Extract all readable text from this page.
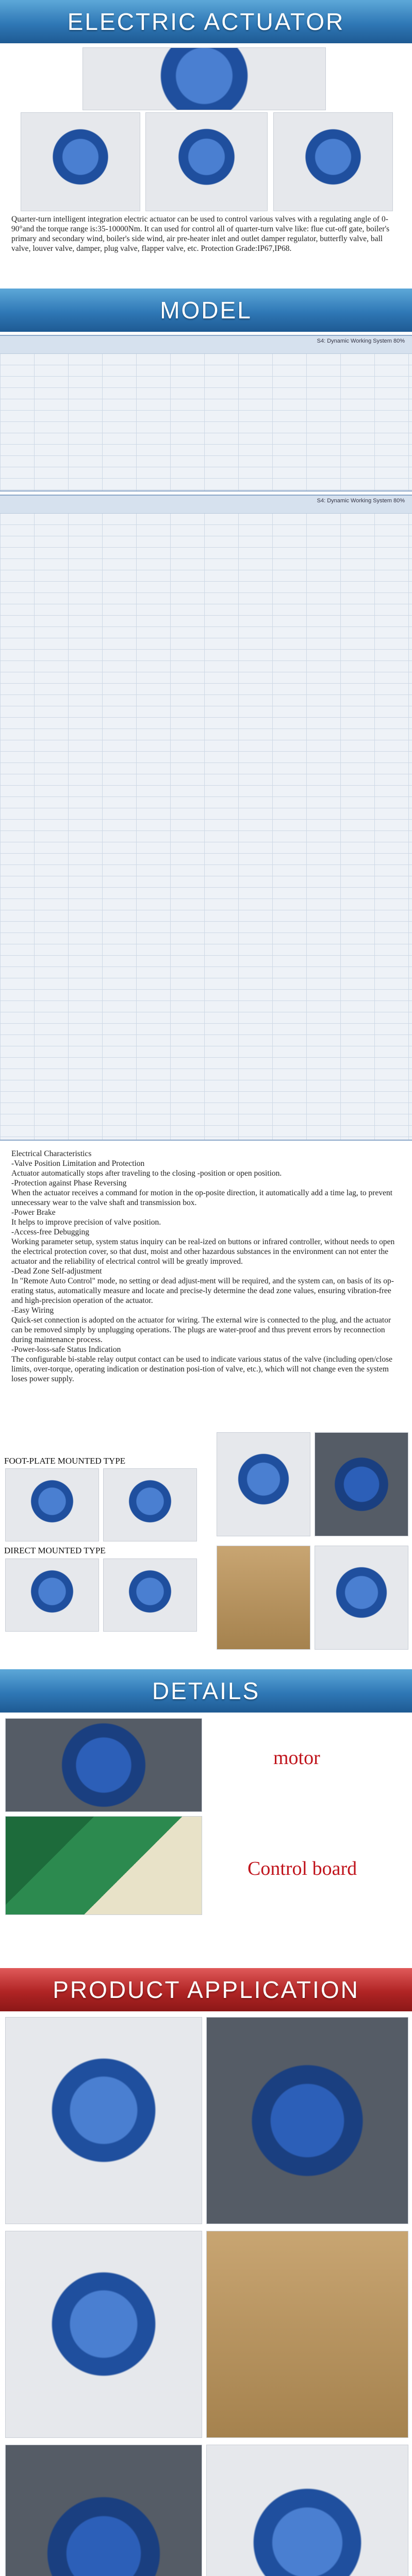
ELECTRIC ACTUATOR
Quarter-turn intelligent integration electric actuator can be used to control various valves with a regulating angle of 0-90°and the torque range is:35-10000Nm. It can used for control all of quarter-turn valve like: flue cut-off gate, boiler's primary and secondary wind, boiler's side wind, air pre-heater inlet and outlet damper regulator, butterfly valve, ball valve, louver valve, damper, plug valve, flapper valve, etc. Protection Grade:IP67,IP68.
MODEL
S4: Dynamic Working System 80%
S4: Dynamic Working System 80%
Electrical Characteristics
-Valve Position Limitation and Protection
Actuator automatically stops after traveling to the closing -position or open position.
-Protection against Phase Reversing
When the actuator receives a command for motion in the op-posite direction, it automatically add a time lag, to prevent unnecessary wear to the valve shaft and transmission box.
-Power Brake
It helps to improve precision of valve position.
-Access-free Debugging
Working parameter setup, system status inquiry can be real-ized on buttons or infrared controller, without needs to open the electrical protection cover, so that dust, moist and other hazardous substances in the environment can not enter the actuator and the reliability of electrical control will be greatly improved.
-Dead Zone Self-adjustment
In "Remote Auto Control" mode, no setting or dead adjust-ment will be required, and the system can, on basis of its op-erating status, automatically measure and locate and precise-ly determine the dead zone values, ensuring vibration-free and high-precision operation of the actuator.
-Easy Wiring
Quick-set connection is adopted on the actuator for wiring. The external wire is connected to the plug, and the actuator can be removed simply by unplugging operations. The plugs are water-proof and thus prevent errors by reconnection during maintenance process.
-Power-loss-safe Status Indication
The configurable bi-stable relay output contact can be used to indicate various status of the valve (including open/close limits, over-torque, operating indication or destination posi-tion of valve, etc.), which will not change even the system loses power supply.
FOOT-PLATE MOUNTED TYPE
DIRECT MOUNTED TYPE
DETAILS
motor
Control board
PRODUCT APPLICATION
